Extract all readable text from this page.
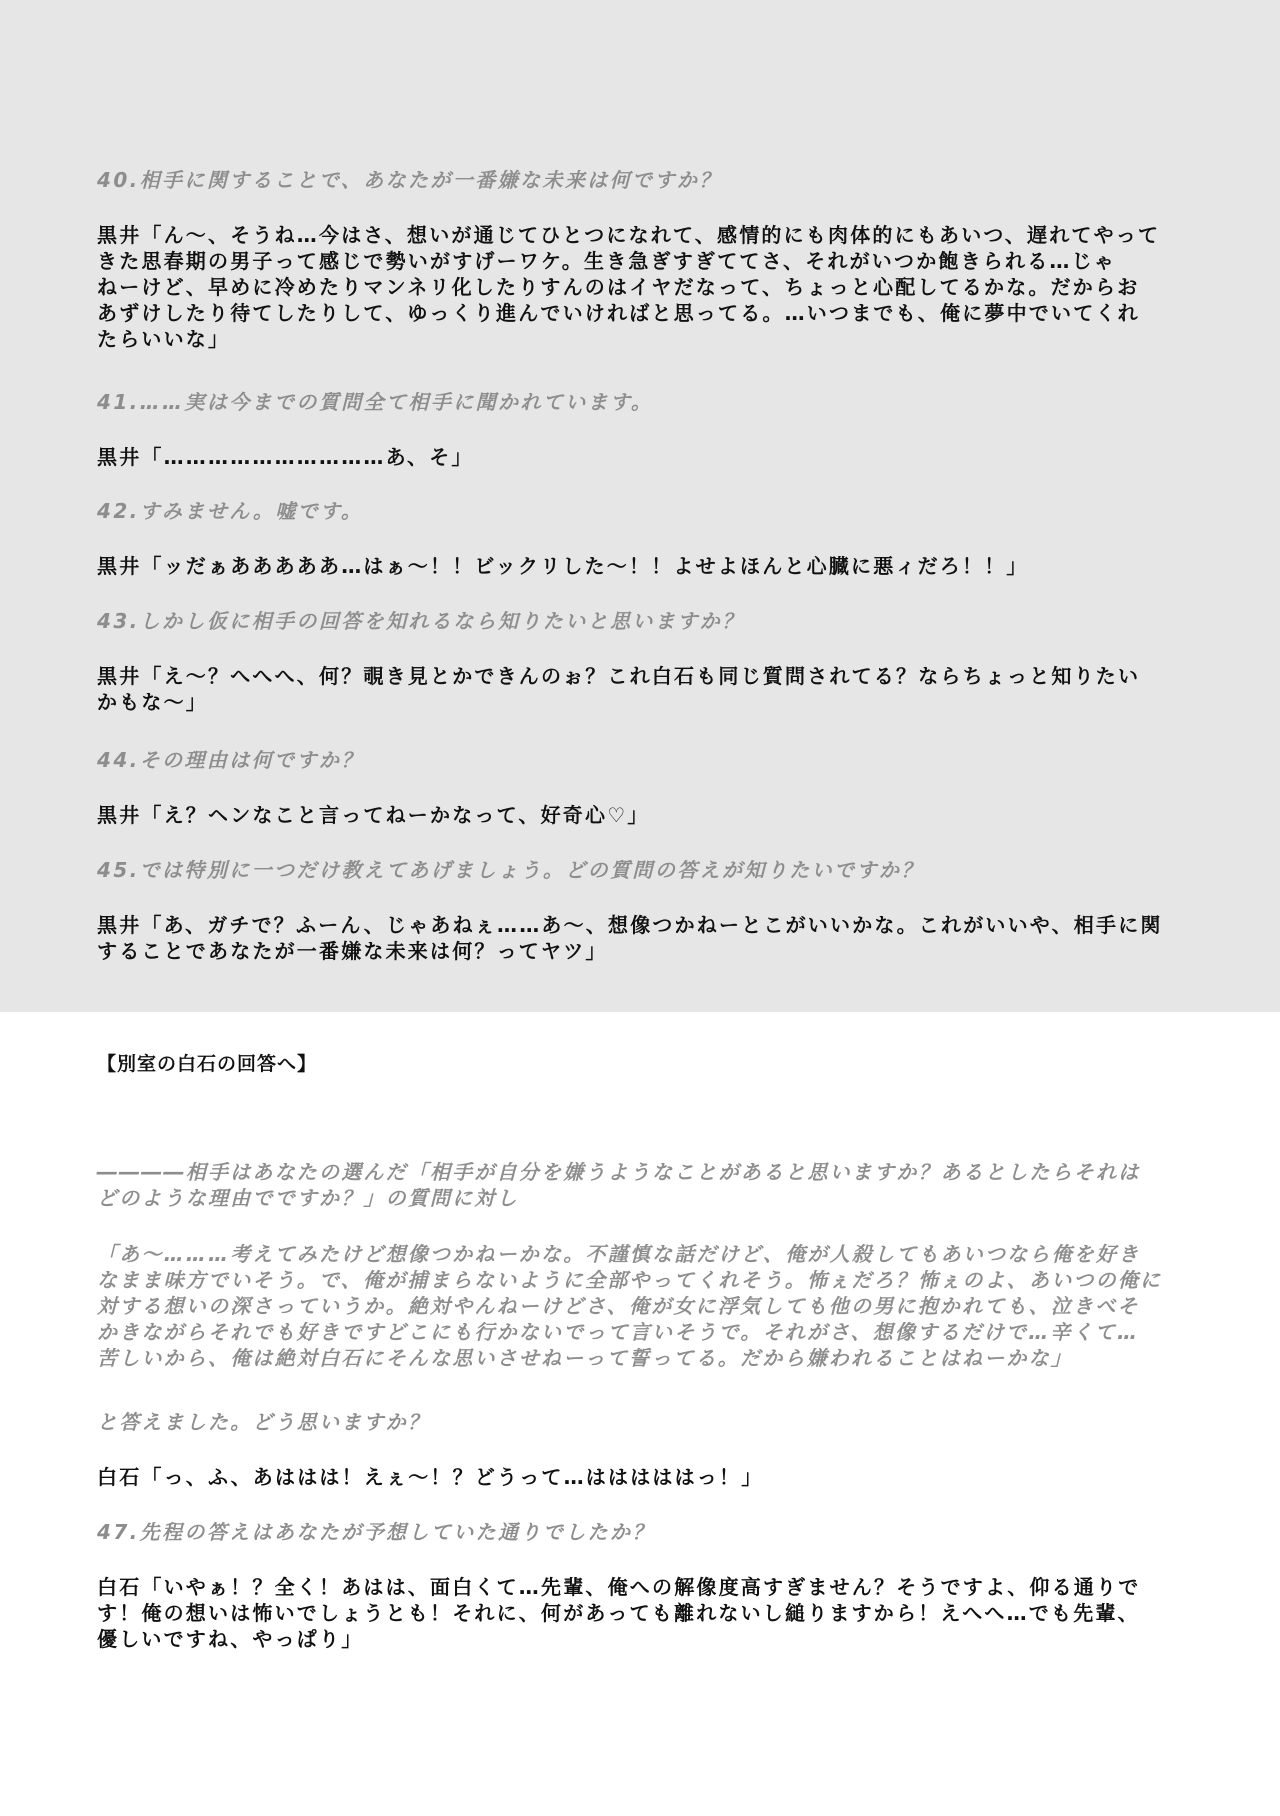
40.相手に関することで、あなたが一番嫌な未来は何ですか？

黒井「ん～、そうね…今はさ、想いが通じてひとつになれて、感情的にも肉体的にもあいつ、遅れてやって
きた思春期の男子って感じで勢いがすげーワケ。生き急ぎすぎててさ、それがいつか飽きられる…じゃ
ねーけど、早めに冷めたりマンネリ化したりすんのはイヤだなって、ちょっと心配してるかな。だからお
あずけしたり待てしたりして、ゆっくり進んでいければと思ってる。…いつまでも、俺に夢中でいてくれ
たらいいな」

41.……実は今までの質問全て相手に聞かれています。

黒井「…………………………あ、そ」

42.すみません。嘘です。

黒井「ッだぁあああああ…はぁ～！！ビックリした～！！よせよほんと心臓に悪ィだろ！！」

43.しかし仮に相手の回答を知れるなら知りたいと思いますか？

黒井「え～？へへへ、何？覗き見とかできんのぉ？これ白石も同じ質問されてる？ならちょっと知りたい
かもな～」

44.その理由は何ですか？

黒井「え？ヘンなこと言ってねーかなって、好奇心♡」

45.では特別に一つだけ教えてあげましょう。どの質問の答えが知りたいですか？

黒井「あ、ガチで？ふーん、じゃあねぇ……あ～、想像つかねーとこがいいかな。これがいいや、相手に関
することであなたが一番嫌な未来は何？ってヤツ」

【別室の白石の回答へ】

――――相手はあなたの選んだ「相手が自分を嫌うようなことがあると思いますか？あるとしたらそれは
どのような理由でですか？」の質問に対し

「あ～………考えてみたけど想像つかねーかな。不謹慎な話だけど、俺が人殺してもあいつなら俺を好き
なまま味方でいそう。で、俺が捕まらないように全部やってくれそう。怖ぇだろ？怖ぇのよ、あいつの俺に
対する想いの深さっていうか。絶対やんねーけどさ、俺が女に浮気しても他の男に抱かれても、泣きべそ
かきながらそれでも好きですどこにも行かないでって言いそうで。それがさ、想像するだけで…辛くて…
苦しいから、俺は絶対白石にそんな思いさせねーって誓ってる。だから嫌われることはねーかな」

と答えました。どう思いますか？

白石「っ、ふ、あははは！えぇ～！？どうって…はははははっ！」

47.先程の答えはあなたが予想していた通りでしたか？

白石「いやぁ！？全く！あはは、面白くて…先輩、俺への解像度高すぎません？そうですよ、仰る通りで
す！俺の想いは怖いでしょうとも！それに、何があっても離れないし縋りますから！えへへ…でも先輩、
優しいですね、やっぱり」
